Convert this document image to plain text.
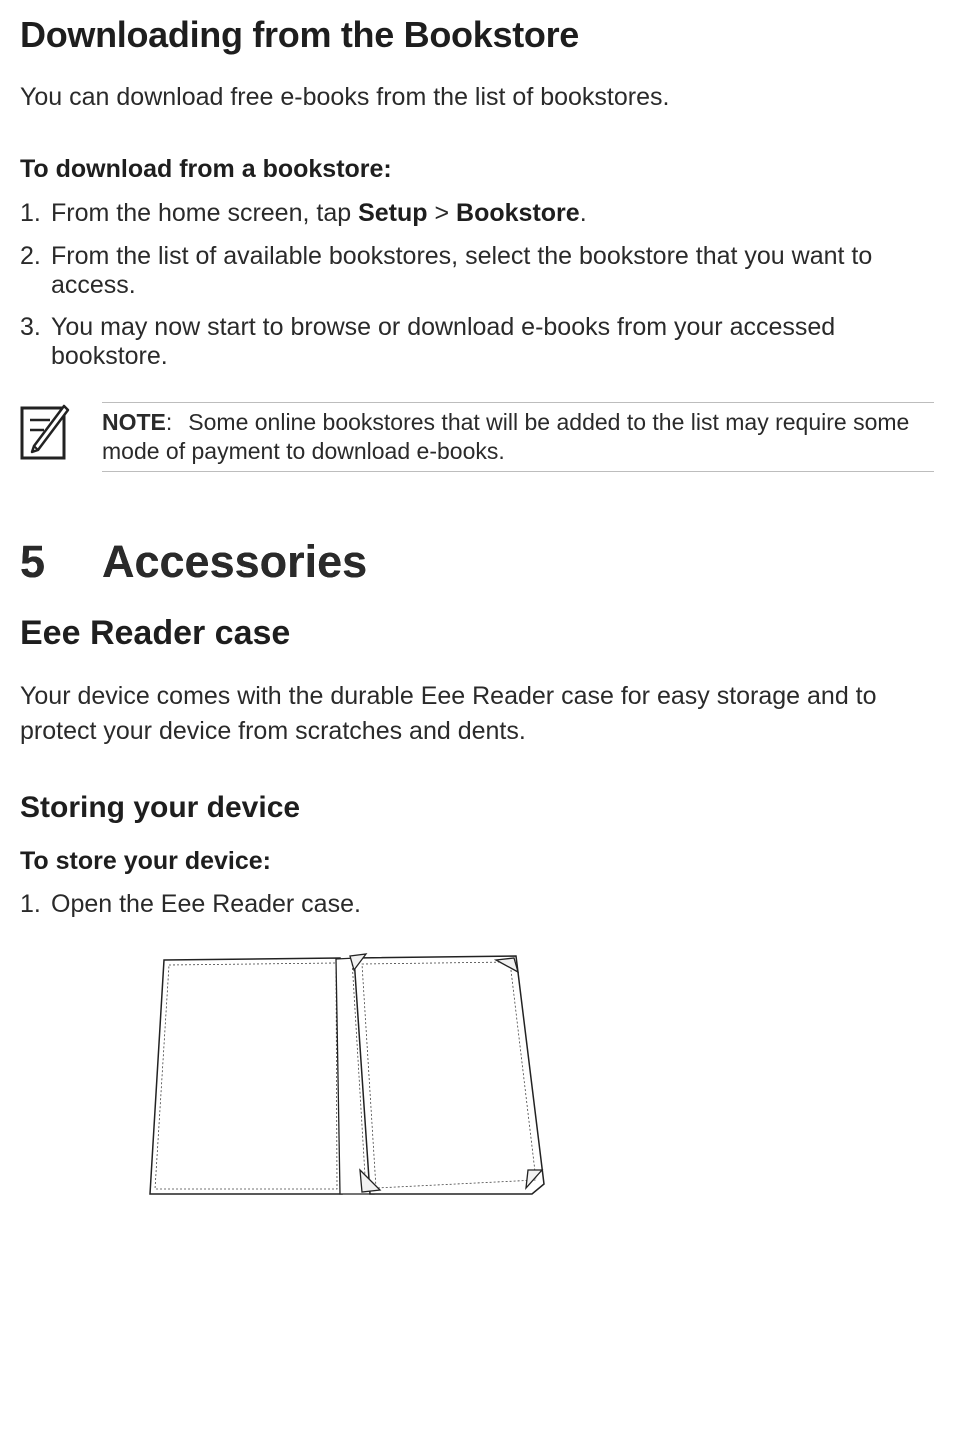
Downloading from the Bookstore

You can download free e-books from the list of bookstores.

To download from a bookstore:
1. From the home screen, tap Setup > Bookstore.
2. From the list of available bookstores, select the bookstore that you want to access.
3. You may now start to browse or download e-books from your accessed bookstore.
NOTE: Some online bookstores that will be added to the list may require some mode of payment to download e-books.
5 Accessories
Eee Reader case

Your device comes with the durable Eee Reader case for easy storage and to protect your device from scratches and dents.

Storing your device
To store your device:
1. Open the Eee Reader case.
